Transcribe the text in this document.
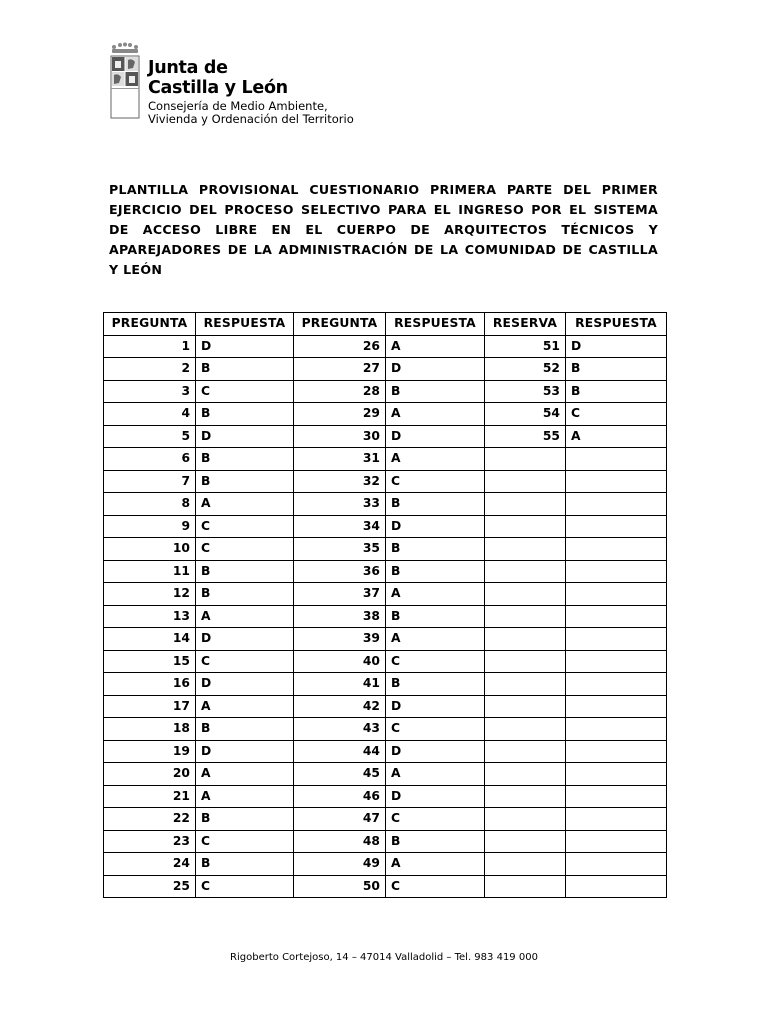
Junta de
Castilla y León
Consejería de Medio Ambiente,
Vivienda y Ordenación del Territorio
PLANTILLA PROVISIONAL CUESTIONARIO PRIMERA PARTE DEL PRIMER EJERCICIO DEL PROCESO SELECTIVO PARA EL INGRESO POR EL SISTEMA DE ACCESO LIBRE EN EL CUERPO DE ARQUITECTOS TÉCNICOS Y APAREJADORES DE LA ADMINISTRACIÓN DE LA COMUNIDAD DE CASTILLA Y LEÓN
PREGUNTA	RESPUESTA	PREGUNTA	RESPUESTA	RESERVA	RESPUESTA
1	D	26	A	51	D
2	B	27	D	52	B
3	C	28	B	53	B
4	B	29	A	54	C
5	D	30	D	55	A
6	B	31	A		
7	B	32	C		
8	A	33	B		
9	C	34	D		
10	C	35	B		
11	B	36	B		
12	B	37	A		
13	A	38	B		
14	D	39	A		
15	C	40	C		
16	D	41	B		
17	A	42	D		
18	B	43	C		
19	D	44	D		
20	A	45	A		
21	A	46	D		
22	B	47	C		
23	C	48	B		
24	B	49	A		
25	C	50	C		
Rigoberto Cortejoso, 14 – 47014 Valladolid – Tel. 983 419 000
